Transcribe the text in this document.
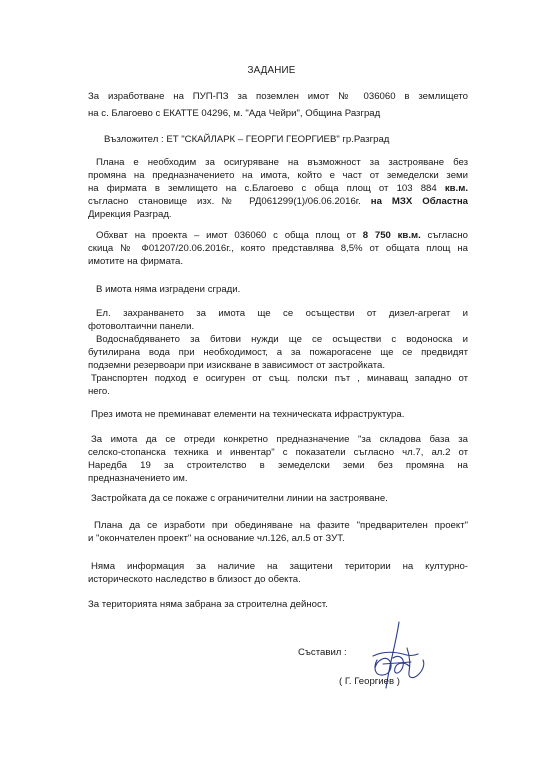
ЗАДАНИЕ
За изработване на ПУП-ПЗ за поземлен имот № 036060 в землището
на с. Благоево с ЕКАТТЕ 04296, м. "Ада Чейри", Община Разград
Възложител : ЕТ "СКАЙЛАРК – ГЕОРГИ ГЕОРГИЕВ" гр.Разград
Плана е необходим за осигуряване на възможност за застрояване без
промяна на предназначението на имота, който е част от земеделски земи
на фирмата в землището на с.Благоево с обща площ от 103 884 кв.м.
съгласно становище изх.№ РД061299(1)/06.06.2016г. на МЗХ Областна
Дирекция Разград.
Обхват на проекта – имот 036060 с обща площ от 8 750 кв.м. съгласно
скица № Ф01207/20.06.2016г., която представлява 8,5% от общата площ на
имотите на фирмата.
В имота няма изградени сгради.
Ел. захранването за имота ще се осъществи от дизел-агрегат и
фотоволтаични панели.
Водоснабдяването за битови нужди ще се осъществи с водоноска и
бутилирана вода при необходимост, а за пожарогасене ще се предвидят
подземни резервоари при изискване в зависимост от застройката.
Транспортен подход е осигурен от същ. полски път , минаващ западно от
него.
През имота не преминават елементи на техническата ифраструктура.
За имота да се отреди конкретно предназначение "за складова база за
селско-стопанска техника и инвентар" с показатели съгласно чл.7, ал.2 от
Наредба 19 за строителство в земеделски земи без промяна на
предназначението им.
Застройката да се покаже с ограничителни линии на застрояване.
Плана да се изработи при обединяване на фазите "предварителен проект"
и "окончателен проект" на основание чл.126, ал.5 от ЗУТ.
Няма информация за наличие на защитени територии на културно-
историческото наследство в близост до обекта.
За територията няма забрана за строителна дейност.
Съставил :
( Г. Георгиев )
